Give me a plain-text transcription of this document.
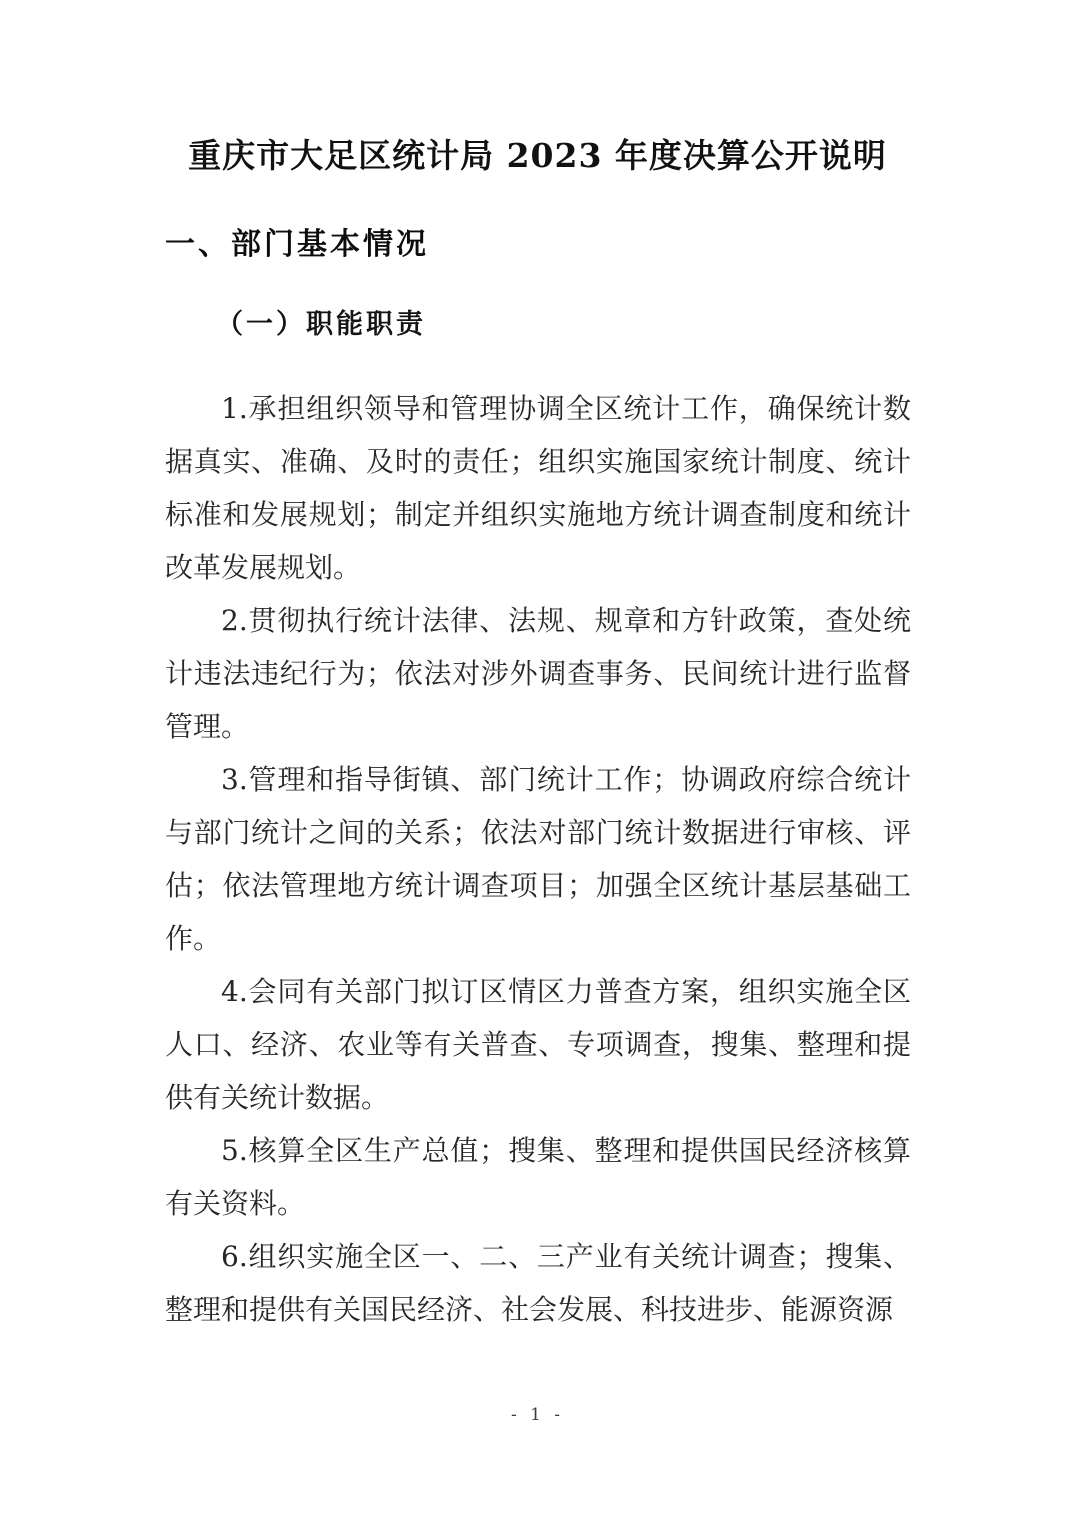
重庆市大足区统计局 2023 年度决算公开说明
一、部门基本情况
（一）职能职责

1.承担组织领导和管理协调全区统计工作，确保统计数据真实、准确、及时的责任；组织实施国家统计制度、统计标准和发展规划；制定并组织实施地方统计调查制度和统计改革发展规划。

2.贯彻执行统计法律、法规、规章和方针政策，查处统计违法违纪行为；依法对涉外调查事务、民间统计进行监督管理。

3.管理和指导街镇、部门统计工作；协调政府综合统计与部门统计之间的关系；依法对部门统计数据进行审核、评估；依法管理地方统计调查项目；加强全区统计基层基础工作。

4.会同有关部门拟订区情区力普查方案，组织实施全区人口、经济、农业等有关普查、专项调查，搜集、整理和提供有关统计数据。

5.核算全区生产总值；搜集、整理和提供国民经济核算有关资料。

6.组织实施全区一、二、三产业有关统计调查；搜集、整理和提供有关国民经济、社会发展、科技进步、能源资源

- 1 -
